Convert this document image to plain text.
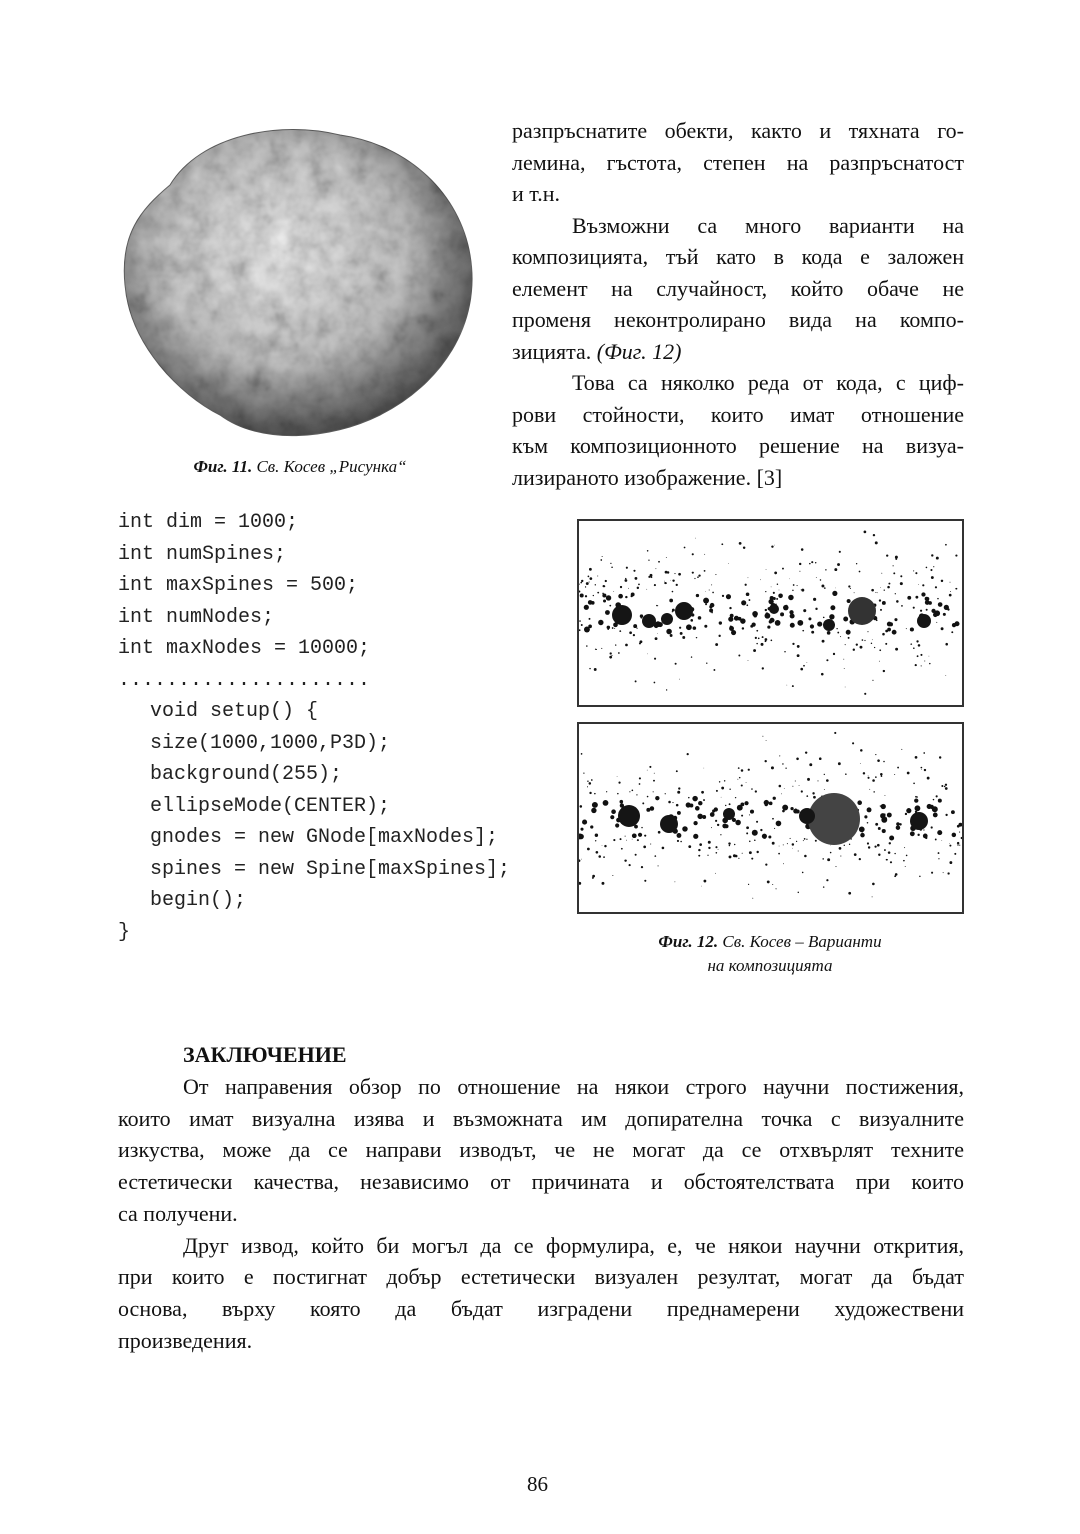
Фиг. 11. Св. Косев „Рисунка“
разпръснатите обекти, както и тяхната го-
лемина, гъстота, степен на разпръснатост
и т.н.
Възможни са много варианти на
композицията, тъй като в кода е заложен
елемент на случайност, който обаче не
променя неконтролирано вида на компо-
зицията. (Фиг. 12)
Това са няколко реда от кода, с циф-
рови стойности, които имат отношение
към композиционното решение на визуа-
лизираното изображение. [3]
int dim = 1000;
int numSpines;
int maxSpines = 500;
int numNodes;
int maxNodes = 10000;
.....................
void setup() {
size(1000,1000,P3D);
background(255);
ellipseMode(CENTER);
gnodes = new GNode[maxNodes];
spines = new Spine[maxSpines];
begin();
}	Фиг. 12. Св. Косев – Варианти
на композицията
ЗАКЛЮЧЕНИЕ
От направения обзор по отношение на някои строго научни постижения,
които имат визуална изява и възможната им допирателна точка с визуалните
изкуства, може да се направи изводът, че не могат да се отхвърлят техните
естетически качества, независимо от причината и обстоятелствата при които
са получени.
Друг извод, който би могъл да се формулира, е, че някои научни открития,
при които е постигнат добър естетически визуален резултат, могат да бъдат
основа, върху която да бъдат изградени преднамерени художествени
произведения.
86
